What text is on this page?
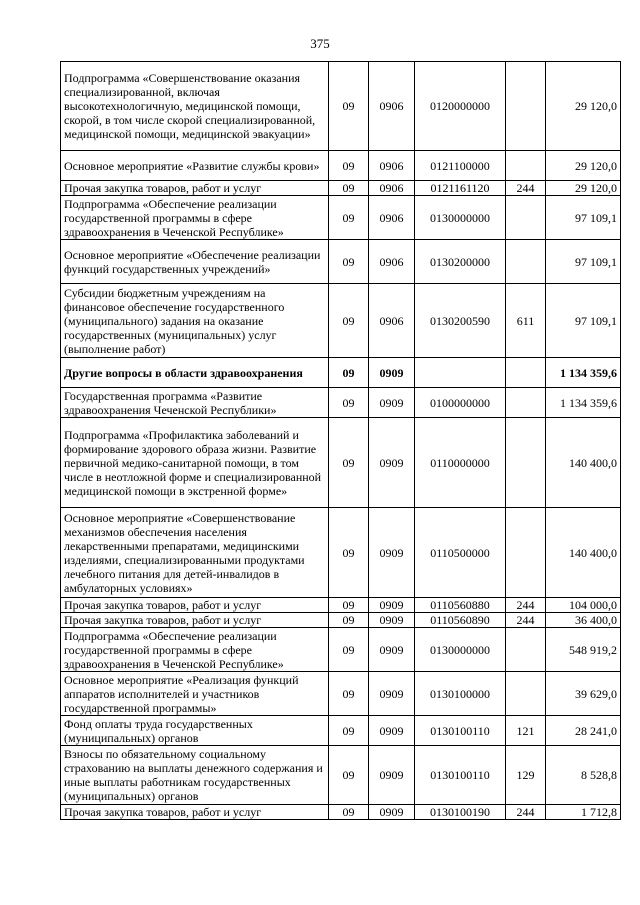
375
Подпрограмма «Совершенствование оказания специализированной, включая высокотехнологичную, медицинской помощи, скорой, в том числе скорой специализированной, медицинской помощи, медицинской эвакуации»	09	0906	0120000000		29 120,0
Основное мероприятие «Развитие службы крови»	09	0906	0121100000		29 120,0
Прочая закупка товаров, работ и услуг	09	0906	0121161120	244	29 120,0
Подпрограмма «Обеспечение реализации государственной программы в сфере здравоохранения в Чеченской Республике»	09	0906	0130000000		97 109,1
Основное мероприятие «Обеспечение реализации функций государственных учреждений»	09	0906	0130200000		97 109,1
Субсидии бюджетным учреждениям на финансовое обеспечение государственного (муниципального) задания на оказание государственных (муниципальных) услуг (выполнение работ)	09	0906	0130200590	611	97 109,1
Другие вопросы в области здравоохранения	09	0909			1 134 359,6
Государственная программа «Развитие здравоохранения Чеченской Республики»	09	0909	0100000000		1 134 359,6
Подпрограмма «Профилактика заболеваний и формирование здорового образа жизни. Развитие первичной медико-санитарной помощи, в том числе в неотложной форме и специализированной медицинской помощи в экстренной форме»	09	0909	0110000000		140 400,0
Основное мероприятие «Совершенствование механизмов обеспечения населения лекарственными препаратами, медицинскими изделиями, специализированными продуктами лечебного питания для детей-инвалидов в амбулаторных условиях»	09	0909	0110500000		140 400,0
Прочая закупка товаров, работ и услуг	09	0909	0110560880	244	104 000,0
Прочая закупка товаров, работ и услуг	09	0909	0110560890	244	36 400,0
Подпрограмма «Обеспечение реализации государственной программы в сфере здравоохранения в Чеченской Республике»	09	0909	0130000000		548 919,2
Основное мероприятие «Реализация функций аппаратов исполнителей и участников государственной программы»	09	0909	0130100000		39 629,0
Фонд оплаты труда государственных (муниципальных) органов	09	0909	0130100110	121	28 241,0
Взносы по обязательному социальному страхованию на выплаты денежного содержания и иные выплаты работникам государственных (муниципальных) органов	09	0909	0130100110	129	8 528,8
Прочая закупка товаров, работ и услуг	09	0909	0130100190	244	1 712,8
